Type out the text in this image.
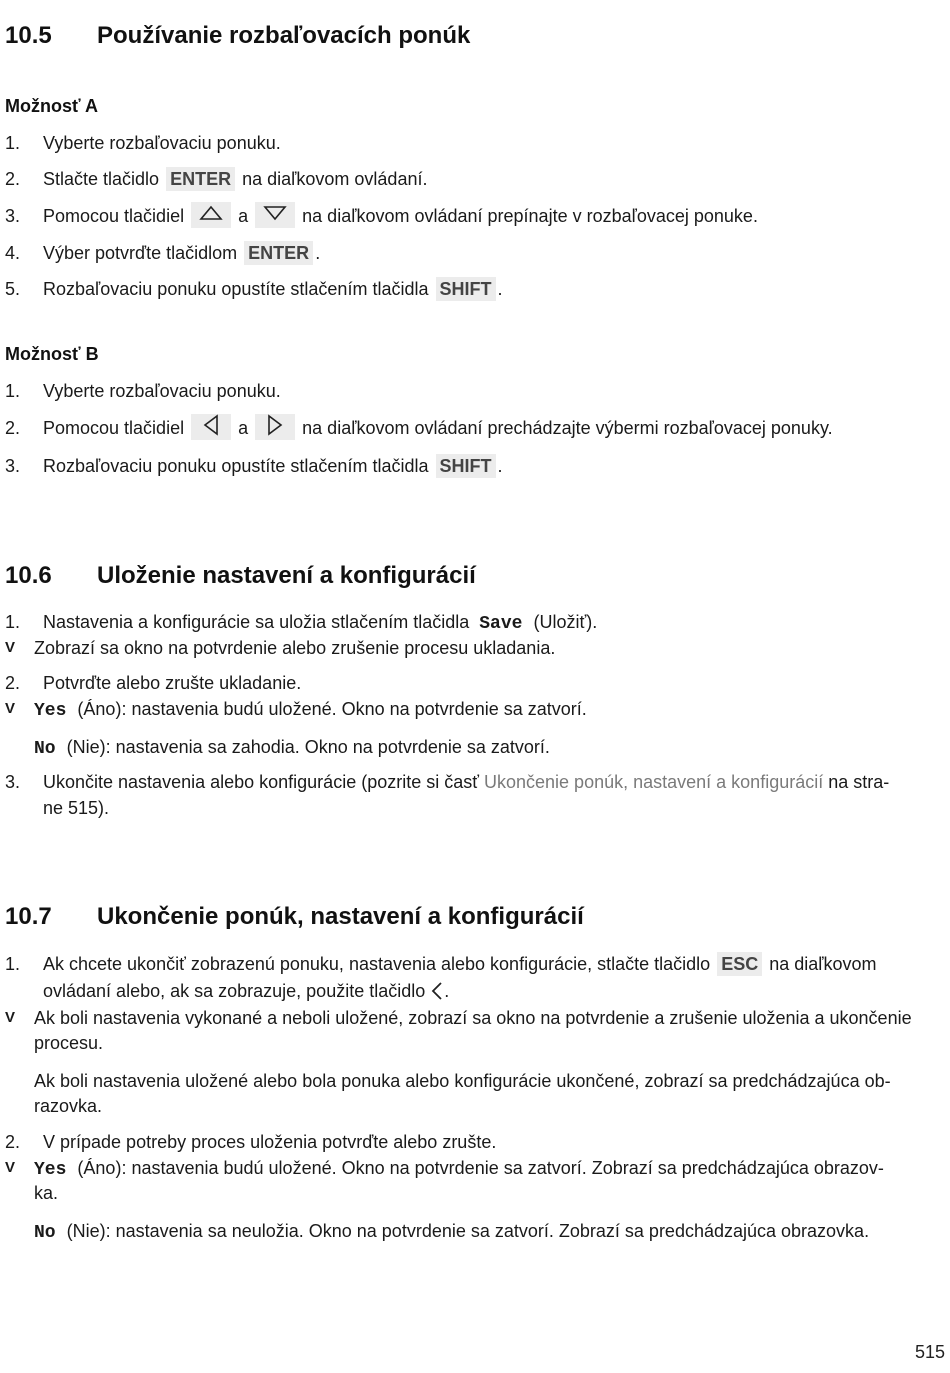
10.5 Používanie rozbaľovacích ponúk
Možnosť A

1. Vyberte rozbaľovaciu ponuku.

2. Stlačte tlačidlo ENTER na diaľkovom ovládaní.

3. Pomocou tlačidiel	a	na diaľkovom ovládaní prepínajte v rozbaľovacej ponuke.

4. Výber potvrďte tlačidlom ENTER .

5. Rozbaľovaciu ponuku opustíte stlačením tlačidla SHIFT .

Možnosť B

1. Vyberte rozbaľovaciu ponuku.

2. Pomocou tlačidiel	a	na diaľkovom ovládaní prechádzajte výbermi rozbaľovacej ponuky.

3. Rozbaľovaciu ponuku opustíte stlačením tlačidla SHIFT .

10.6 Uloženie nastavení a konfigurácií

1. Nastavenia a konfigurácie sa uložia stlačením tlačidla Save (Uložiť).

V Zobrazí sa okno na potvrdenie alebo zrušenie procesu ukladania.

2. Potvrďte alebo zrušte ukladanie.

V Yes (Áno): nastavenia budú uložené. Okno na potvrdenie sa zatvorí.

No (Nie): nastavenia sa zahodia. Okno na potvrdenie sa zatvorí.

3. Ukončite nastavenia alebo konfigurácie (pozrite si časť Ukončenie ponúk, nastavení a konfigurácií na stra-

ne 515).

10.7 Ukončenie ponúk, nastavení a konfigurácií

1. Ak chcete ukončiť zobrazenú ponuku, nastavenia alebo konfigurácie, stlačte tlačidlo ESC na diaľkovom

ovládaní alebo, ak sa zobrazuje, použite tlačidlo .

V Ak boli nastavenia vykonané a neboli uložené, zobrazí sa okno na potvrdenie a zrušenie uloženia a ukončenie

procesu.

Ak boli nastavenia uložené alebo bola ponuka alebo konfigurácie ukončené, zobrazí sa predchádzajúca ob-

razovka.

2. V prípade potreby proces uloženia potvrďte alebo zrušte.

V Yes (Áno): nastavenia budú uložené. Okno na potvrdenie sa zatvorí. Zobrazí sa predchádzajúca obrazov-

ka.

No (Nie): nastavenia sa neuložia. Okno na potvrdenie sa zatvorí. Zobrazí sa predchádzajúca obrazovka.

515
